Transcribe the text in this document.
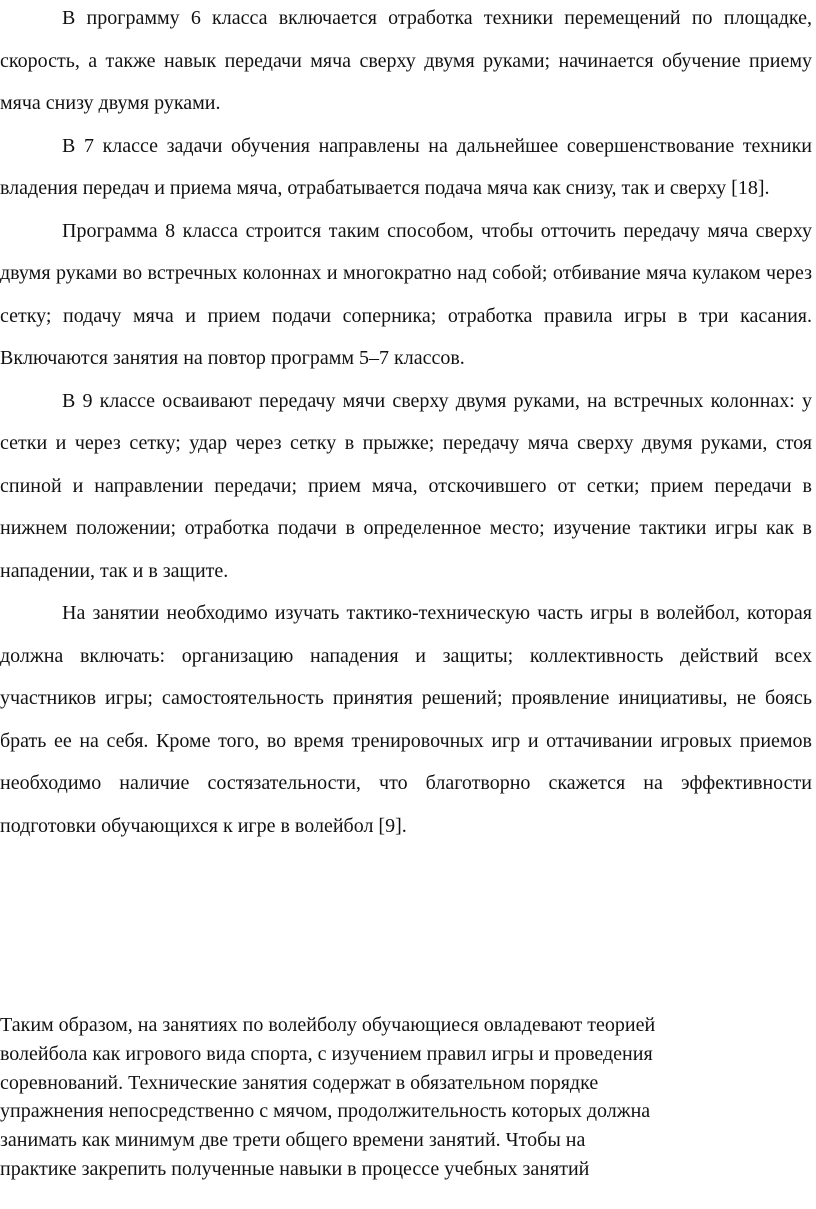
В программу 6 класса включается отработка техники перемещений по площадке, скорость, а также навык передачи мяча сверху двумя руками; начинается обучение приему мяча снизу двумя руками.

В 7 классе задачи обучения направлены на дальнейшее совершенствование техники владения передач и приема мяча, отрабатывается подача мяча как снизу, так и сверху [18].

Программа 8 класса строится таким способом, чтобы отточить передачу мяча сверху двумя руками во встречных колоннах и многократно над собой; отбивание мяча кулаком через сетку; подачу мяча и прием подачи соперника; отработка правила игры в три касания. Включаются занятия на повтор программ 5–7 классов.

В 9 классе осваивают передачу мячи сверху двумя руками, на встречных колоннах: у сетки и через сетку; удар через сетку в прыжке; передачу мяча сверху двумя руками, стоя спиной и направлении передачи; прием мяча, отскочившего от сетки; прием передачи в нижнем положении; отработка подачи в определенное место; изучение тактики игры как в нападении, так и в защите.

На занятии необходимо изучать тактико-техническую часть игры в волейбол, которая должна включать: организацию нападения и защиты; коллективность действий всех участников игры; самостоятельность принятия решений; проявление инициативы, не боясь брать ее на себя. Кроме того, во время тренировочных игр и оттачивании игровых приемов необходимо наличие состязательности, что благотворно скажется на эффективности подготовки обучающихся к игре в волейбол [9].

Таким образом, на занятиях по волейболу обучающиеся овладевают теорией
волейбола как игрового вида спорта, с изучением правил игры и проведения
соревнований. Технические занятия содержат в обязательном порядке
упражнения непосредственно с мячом, продолжительность которых должна
занимать как минимум две трети общего времени занятий. Чтобы на
практике закрепить полученные навыки в процессе учебных занятий
